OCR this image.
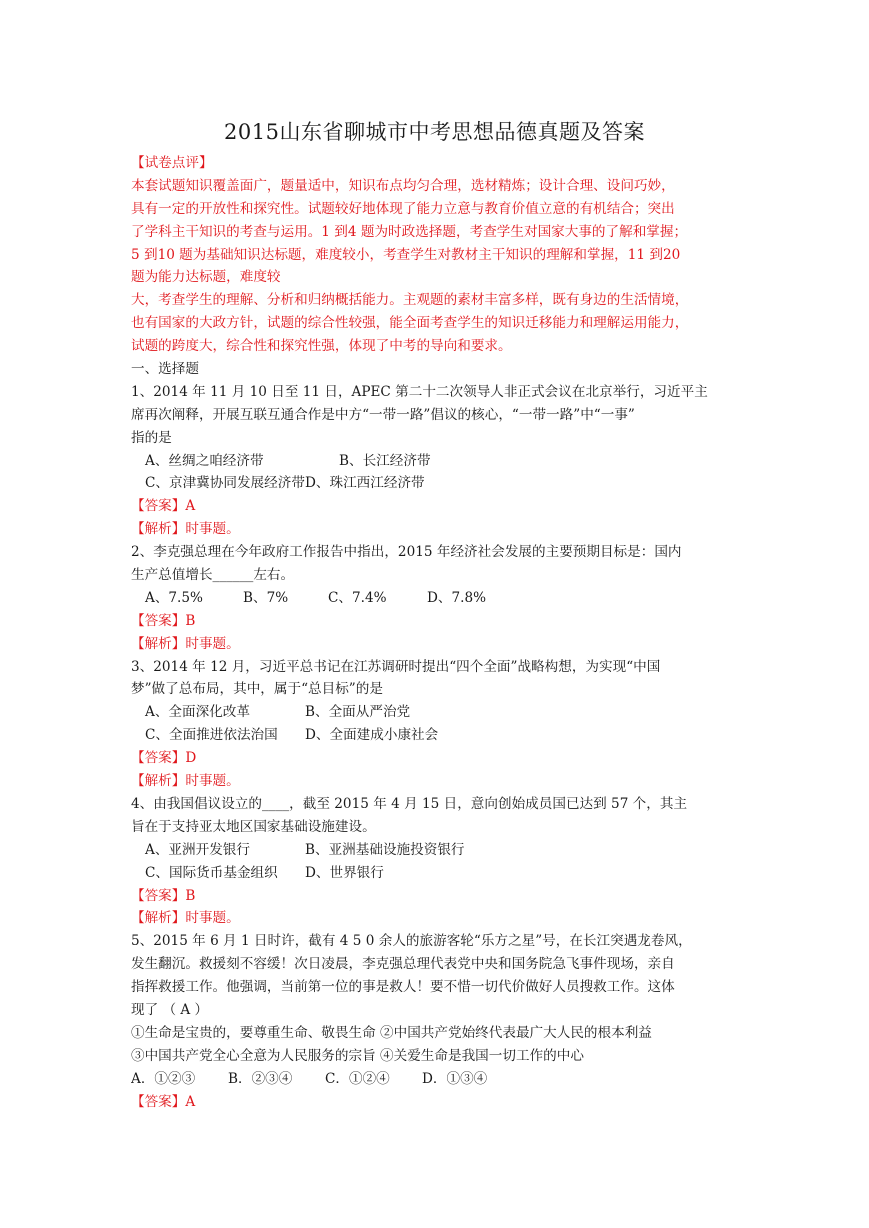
2015山东省聊城市中考思想品德真题及答案
【试卷点评】
本套试题知识覆盖面广，题量适中，知识布点均匀合理，选材精炼；设计合理、设问巧妙，
具有一定的开放性和探究性。试题较好地体现了能力立意与教育价值立意的有机结合；突出
了学科主干知识的考查与运用。1 到4 题为时政选择题，考查学生对国家大事的了解和掌握；
5 到10 题为基础知识达标题，难度较小，考查学生对教材主干知识的理解和掌握，11 到20
题为能力达标题，难度较
大，考查学生的理解、分析和归纳概括能力。主观题的素材丰富多样，既有身边的生活情境，
也有国家的大政方针，试题的综合性较强，能全面考查学生的知识迁移能力和理解运用能力，
试题的跨度大，综合性和探究性强，体现了中考的导向和要求。
一、选择题
1、2014 年 11 月 10 日至 11 日，APEC 第二十二次领导人非正式会议在北京举行，习近平主
席再次阐释，开展互联互通合作是中方“一带一路”倡议的核心，“一带一路”中“一事”
指的是
A、丝绸之咱经济带	B、长江经济带
C、京津冀协同发展经济带D、珠江西江经济带
【答案】A
【解析】时事题。
2、李克强总理在今年政府工作报告中指出，2015 年经济社会发展的主要预期目标是：国内
生产总值增长______左右。
A、7.5%	B、7%	C、7.4%	D、7.8%
【答案】B
【解析】时事题。
3、2014 年 12 月，习近平总书记在江苏调研时提出“四个全面”战略构想，为实现“中国
梦”做了总布局，其中，属于“总目标”的是
A、全面深化改革	B、全面从严治党
C、全面推进依法治国 D、全面建成小康社会
【答案】D
【解析】时事题。
4、由我国倡议设立的____，截至 2015 年 4 月 15 日，意向创始成员国已达到 57 个，其主
旨在于支持亚太地区国家基础设施建设。
A、亚洲开发银行	B、亚洲基础设施投资银行
C、国际货币基金组织 D、世界银行
【答案】B
【解析】时事题。
5、2015 年 6 月 1 日时许，截有 4 5 0 余人的旅游客轮“乐方之星”号，在长江突遇龙卷风，
发生翻沉。救援刻不容缓！次日凌晨，李克强总理代表党中央和国务院急飞事件现场，亲自
指挥救援工作。他强调，当前第一位的事是救人！要不惜一切代价做好人员搜救工作。这体
现了 （ A ）
①生命是宝贵的，要尊重生命、敬畏生命 ②中国共产党始终代表最广大人民的根本利益
③中国共产党全心全意为人民服务的宗旨 ④关爱生命是我国一切工作的中心
A．①②③ B．②③④ C．①②④ D．①③④
【答案】A
